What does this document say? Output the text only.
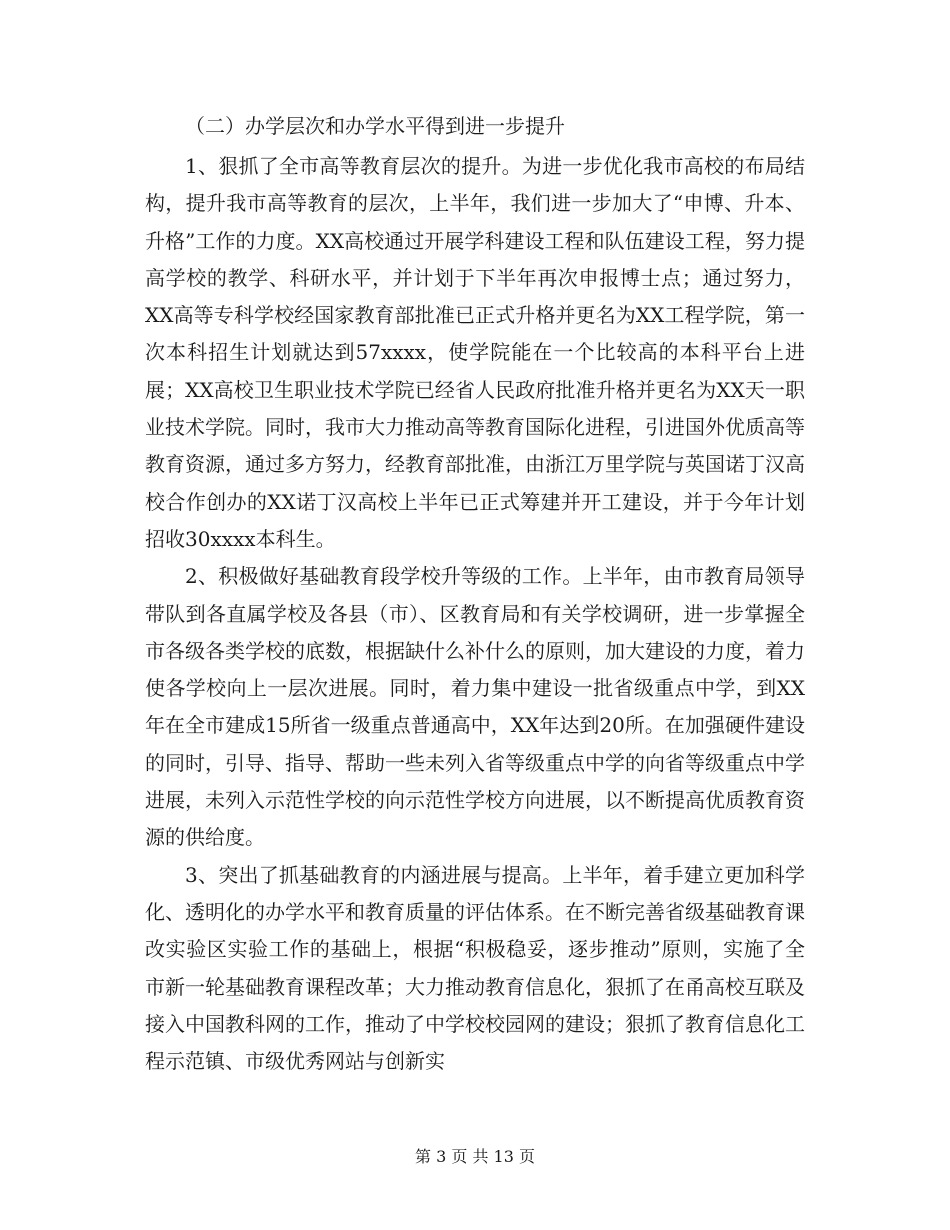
（二）办学层次和办学水平得到进一步提升

1、狠抓了全市高等教育层次的提升。为进一步优化我市高校的布局结构，提升我市高等教育的层次，上半年，我们进一步加大了“申博、升本、升格”工作的力度。XX高校通过开展学科建设工程和队伍建设工程，努力提高学校的教学、科研水平，并计划于下半年再次申报博士点；通过努力，XX高等专科学校经国家教育部批准已正式升格并更名为XX工程学院，第一次本科招生计划就达到57xxxx，使学院能在一个比较高的本科平台上进展；XX高校卫生职业技术学院已经省人民政府批准升格并更名为XX天一职业技术学院。同时，我市大力推动高等教育国际化进程，引进国外优质高等教育资源，通过多方努力，经教育部批准，由浙江万里学院与英国诺丁汉高校合作创办的XX诺丁汉高校上半年已正式筹建并开工建设，并于今年计划招收30xxxx本科生。

2、积极做好基础教育段学校升等级的工作。上半年，由市教育局领导带队到各直属学校及各县（市）、区教育局和有关学校调研，进一步掌握全市各级各类学校的底数，根据缺什么补什么的原则，加大建设的力度，着力使各学校向上一层次进展。同时，着力集中建设一批省级重点中学，到XX年在全市建成15所省一级重点普通高中，XX年达到20所。在加强硬件建设的同时，引导、指导、帮助一些未列入省等级重点中学的向省等级重点中学进展，未列入示范性学校的向示范性学校方向进展，以不断提高优质教育资源的供给度。

3、突出了抓基础教育的内涵进展与提高。上半年，着手建立更加科学化、透明化的办学水平和教育质量的评估体系。在不断完善省级基础教育课改实验区实验工作的基础上，根据“积极稳妥，逐步推动”原则，实施了全市新一轮基础教育课程改革；大力推动教育信息化，狠抓了在甬高校互联及接入中国教科网的工作，推动了中学校校园网的建设；狠抓了教育信息化工程示范镇、市级优秀网站与创新实

第 3 页 共 13 页
